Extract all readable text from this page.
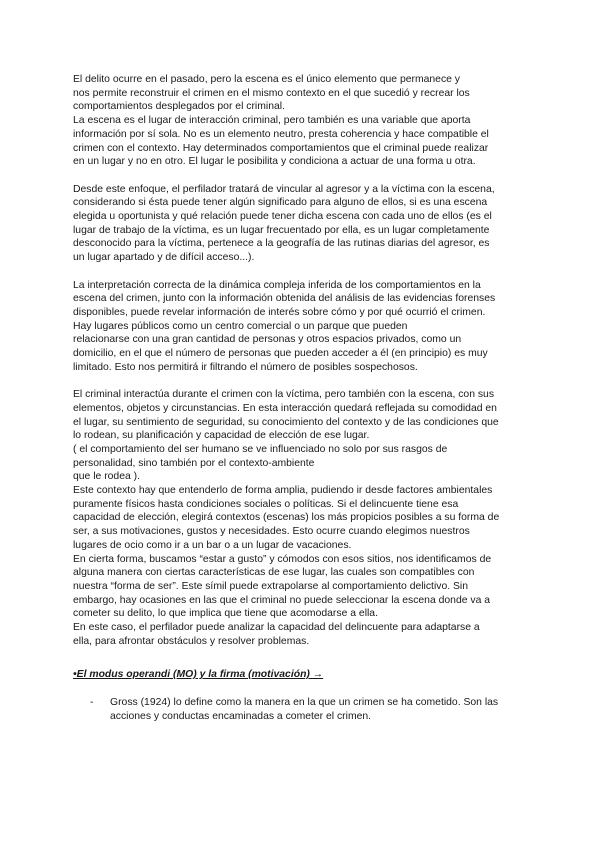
El delito ocurre en el pasado, pero la escena es el único elemento que permanece y
nos permite reconstruir el crimen en el mismo contexto en el que sucedió y recrear los
comportamientos desplegados por el criminal.
La escena es el lugar de interacción criminal, pero también es una variable que aporta
información por sí sola. No es un elemento neutro, presta coherencia y hace compatible el
crimen con el contexto. Hay determinados comportamientos que el criminal puede realizar
en un lugar y no en otro. El lugar le posibilita y condiciona a actuar de una forma u otra.
Desde este enfoque, el perfilador tratará de vincular al agresor y a la víctima con la escena,
considerando si ésta puede tener algún significado para alguno de ellos, si es una escena
elegida u oportunista y qué relación puede tener dicha escena con cada uno de ellos (es el
lugar de trabajo de la víctima, es un lugar frecuentado por ella, es un lugar completamente
desconocido para la víctima, pertenece a la geografía de las rutinas diarias del agresor, es
un lugar apartado y de difícil acceso...).
La interpretación correcta de la dinámica compleja inferida de los comportamientos en la
escena del crimen, junto con la información obtenida del análisis de las evidencias forenses
disponibles, puede revelar información de interés sobre cómo y por qué ocurrió el crimen.
Hay lugares públicos como un centro comercial o un parque que pueden
relacionarse con una gran cantidad de personas y otros espacios privados, como un
domicilio, en el que el número de personas que pueden acceder a él (en principio) es muy
limitado. Esto nos permitirá ir filtrando el número de posibles sospechosos.
El criminal interactúa durante el crimen con la víctima, pero también con la escena, con sus
elementos, objetos y circunstancias. En esta interacción quedará reflejada su comodidad en
el lugar, su sentimiento de seguridad, su conocimiento del contexto y de las condiciones que
lo rodean, su planificación y capacidad de elección de ese lugar.
( el comportamiento del ser humano se ve influenciado no solo por sus rasgos de
personalidad, sino también por el contexto-ambiente
que le rodea ).
Este contexto hay que entenderlo de forma amplia, pudiendo ir desde factores ambientales
puramente físicos hasta condiciones sociales o políticas. Si el delincuente tiene esa
capacidad de elección, elegirá contextos (escenas) los más propicios posibles a su forma de
ser, a sus motivaciones, gustos y necesidades. Esto ocurre cuando elegimos nuestros
lugares de ocio como ir a un bar o a un lugar de vacaciones.
En cierta forma, buscamos “estar a gusto” y cómodos con esos sitios, nos identificamos de
alguna manera con ciertas características de ese lugar, las cuales son compatibles con
nuestra “forma de ser”. Este símil puede extrapolarse al comportamiento delictivo. Sin
embargo, hay ocasiones en las que el criminal no puede seleccionar la escena donde va a
cometer su delito, lo que implica que tiene que acomodarse a ella.
En este caso, el perfilador puede analizar la capacidad del delincuente para adaptarse a
ella, para afrontar obstáculos y resolver problemas.
•El modus operandi (MO) y la firma (motivación) →
- Gross (1924) lo define como la manera en la que un crimen se ha cometido. Son las
acciones y conductas encaminadas a cometer el crimen.
